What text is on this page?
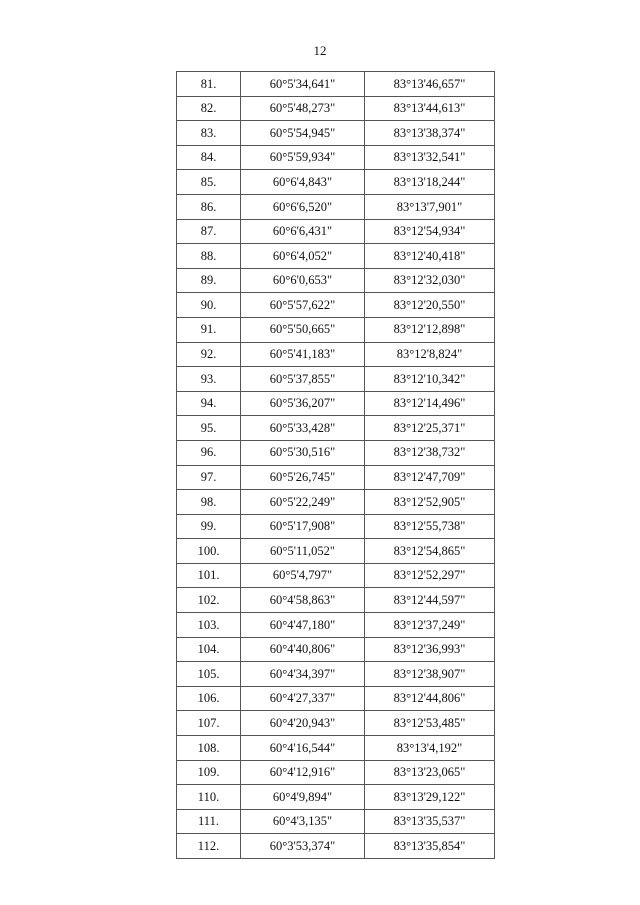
12
81.	60°5'34,641"	83°13'46,657"
82.	60°5'48,273"	83°13'44,613"
83.	60°5'54,945"	83°13'38,374"
84.	60°5'59,934"	83°13'32,541"
85.	60°6'4,843"	83°13'18,244"
86.	60°6'6,520"	83°13'7,901"
87.	60°6'6,431"	83°12'54,934"
88.	60°6'4,052"	83°12'40,418"
89.	60°6'0,653"	83°12'32,030"
90.	60°5'57,622"	83°12'20,550"
91.	60°5'50,665"	83°12'12,898"
92.	60°5'41,183"	83°12'8,824"
93.	60°5'37,855"	83°12'10,342"
94.	60°5'36,207"	83°12'14,496"
95.	60°5'33,428"	83°12'25,371"
96.	60°5'30,516"	83°12'38,732"
97.	60°5'26,745"	83°12'47,709"
98.	60°5'22,249"	83°12'52,905"
99.	60°5'17,908"	83°12'55,738"
100.	60°5'11,052"	83°12'54,865"
101.	60°5'4,797"	83°12'52,297"
102.	60°4'58,863"	83°12'44,597"
103.	60°4'47,180"	83°12'37,249"
104.	60°4'40,806"	83°12'36,993"
105.	60°4'34,397"	83°12'38,907"
106.	60°4'27,337"	83°12'44,806"
107.	60°4'20,943"	83°12'53,485"
108.	60°4'16,544"	83°13'4,192"
109.	60°4'12,916"	83°13'23,065"
110.	60°4'9,894"	83°13'29,122"
111.	60°4'3,135"	83°13'35,537"
112.	60°3'53,374"	83°13'35,854"
